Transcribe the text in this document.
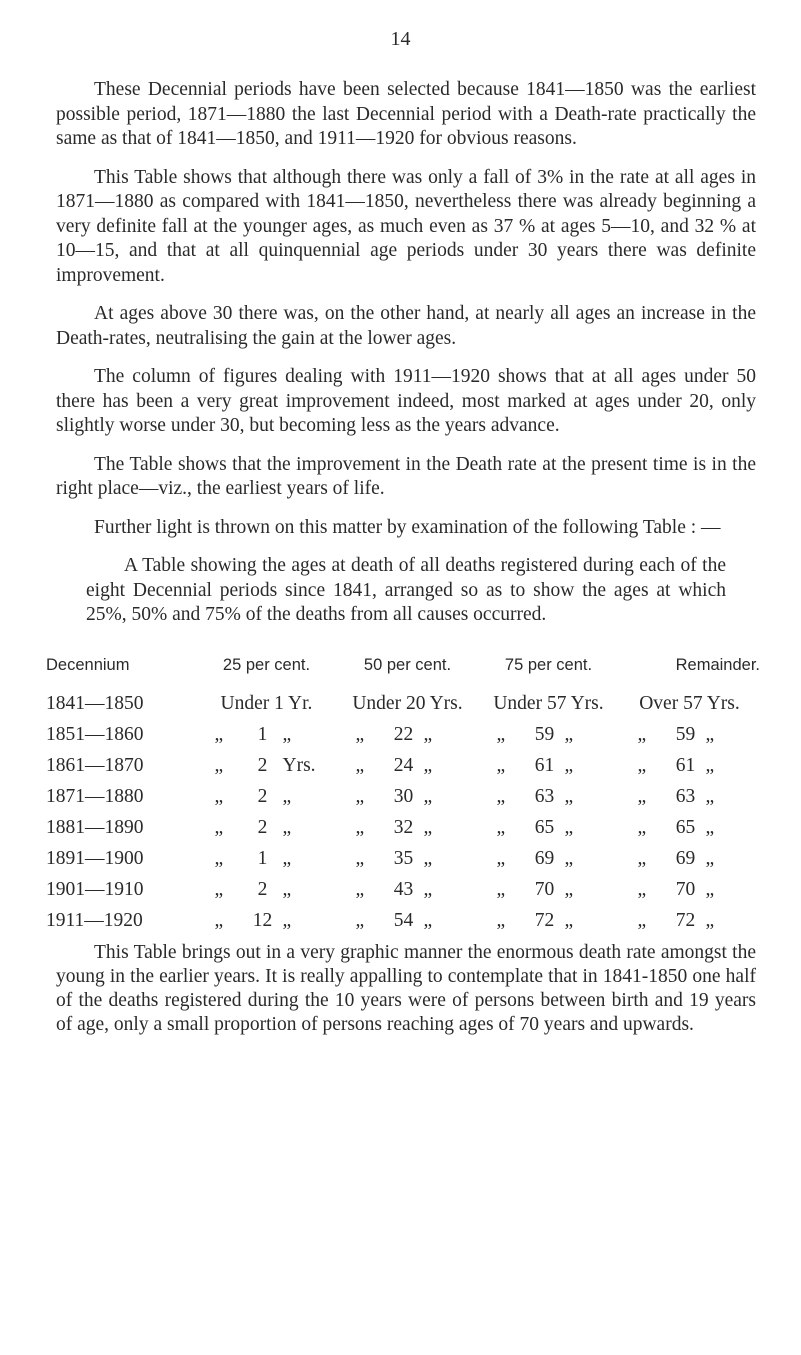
14

These Decennial periods have been selected because 1841—1850 was the earliest possible period, 1871—1880 the last Decennial period with a Death-rate practically the same as that of 1841—1850, and 1911—1920 for obvious reasons.

This Table shows that although there was only a fall of 3% in the rate at all ages in 1871—1880 as compared with 1841—1850, nevertheless there was already beginning a very definite fall at the younger ages, as much even as 37 % at ages 5—10, and 32 % at 10—15, and that at all quinquennial age periods under 30 years there was definite improvement.

At ages above 30 there was, on the other hand, at nearly all ages an increase in the Death-rates, neutralising the gain at the lower ages.

The column of figures dealing with 1911—1920 shows that at all ages under 50 there has been a very great improvement indeed, most marked at ages under 20, only slightly worse under 30, but becoming less as the years advance.

The Table shows that the improvement in the Death rate at the present time is in the right place—viz., the earliest years of life.

Further light is thrown on this matter by examination of the following Table : —

A Table showing the ages at death of all deaths registered during each of the eight Decennial periods since 1841, arranged so as to show the ages at which 25%, 50% and 75% of the deaths from all causes occurred.

Decennium	25 per cent.	50 per cent.	75 per cent.	Remainder.
1841—1850	Under 1 Yr.	Under 20 Yrs.	Under 57 Yrs.	Over 57 Yrs.
1851—1860	„ 1 „	„ 22 „	„ 59 „	„ 59 „
1861—1870	„ 2 Yrs.	„ 24 „	„ 61 „	„ 61 „
1871—1880	„ 2 „	„ 30 „	„ 63 „	„ 63 „
1881—1890	„ 2 „	„ 32 „	„ 65 „	„ 65 „
1891—1900	„ 1 „	„ 35 „	„ 69 „	„ 69 „
1901—1910	„ 2 „	„ 43 „	„ 70 „	„ 70 „
1911—1920	„ 12 „	„ 54 „	„ 72 „	„ 72 „

This Table brings out in a very graphic manner the enormous death rate amongst the young in the earlier years. It is really appalling to contemplate that in 1841-1850 one half of the deaths registered during the 10 years were of persons between birth and 19 years of age, only a small proportion of persons reaching ages of 70 years and upwards.
